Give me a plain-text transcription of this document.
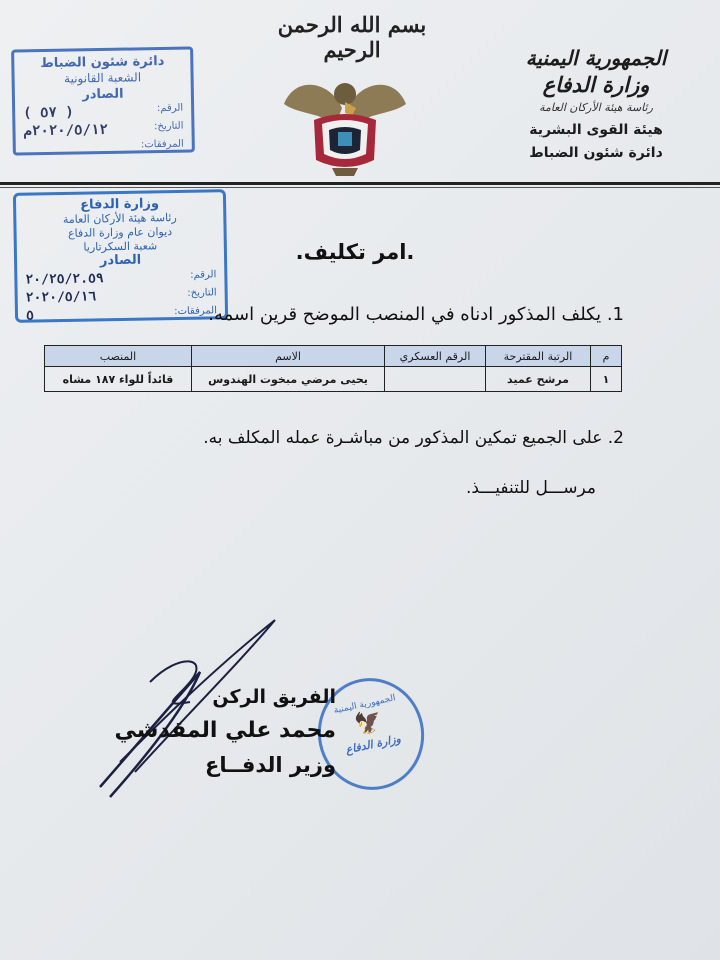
بسم الله الرحمن الرحيم	الجمهورية اليمنية
وزارة الدفاع
رئاسة هيئة الأركان العامة
هيئة القوى البشرية
دائرة شئون الضباط
دائرة شئون الضباط
الشعبة القانونية
الصادر
الرقم:
( ٥٧ )
التاريخ:
٢٠٢٠/٥/١٢م
المرفقات:
وزارة الدفاع
رئاسة هيئة الأركان العامة
ديوان عام وزارة الدفاع
شعبة السكرتاريا
الصادر
الرقم:
٢٠/٢٥/٢.٥٩
التاريخ:
٢٠٢٠/٥/١٦
المرفقات:
٥
.امر تكليف.
1. يكلف المذكور ادناه في المنصب الموضح قرين اسمه.
م	الرتبة المقترحة	الرقم العسكري	الاسم	المنصب
١	مرشح عميد		يحيى مرضي مبخوت الهندوس	قائداً للواء ١٨٧ مشاه
2. على الجميع تمكين المذكور من مباشـرة عمله المكلف به.
مرســـل للتنفيـــذ.
الجمهورية اليمنية
🦅
وزارة الدفاع
الفريق الركن
محمد علي المقدشي
وزير الدفــاع
